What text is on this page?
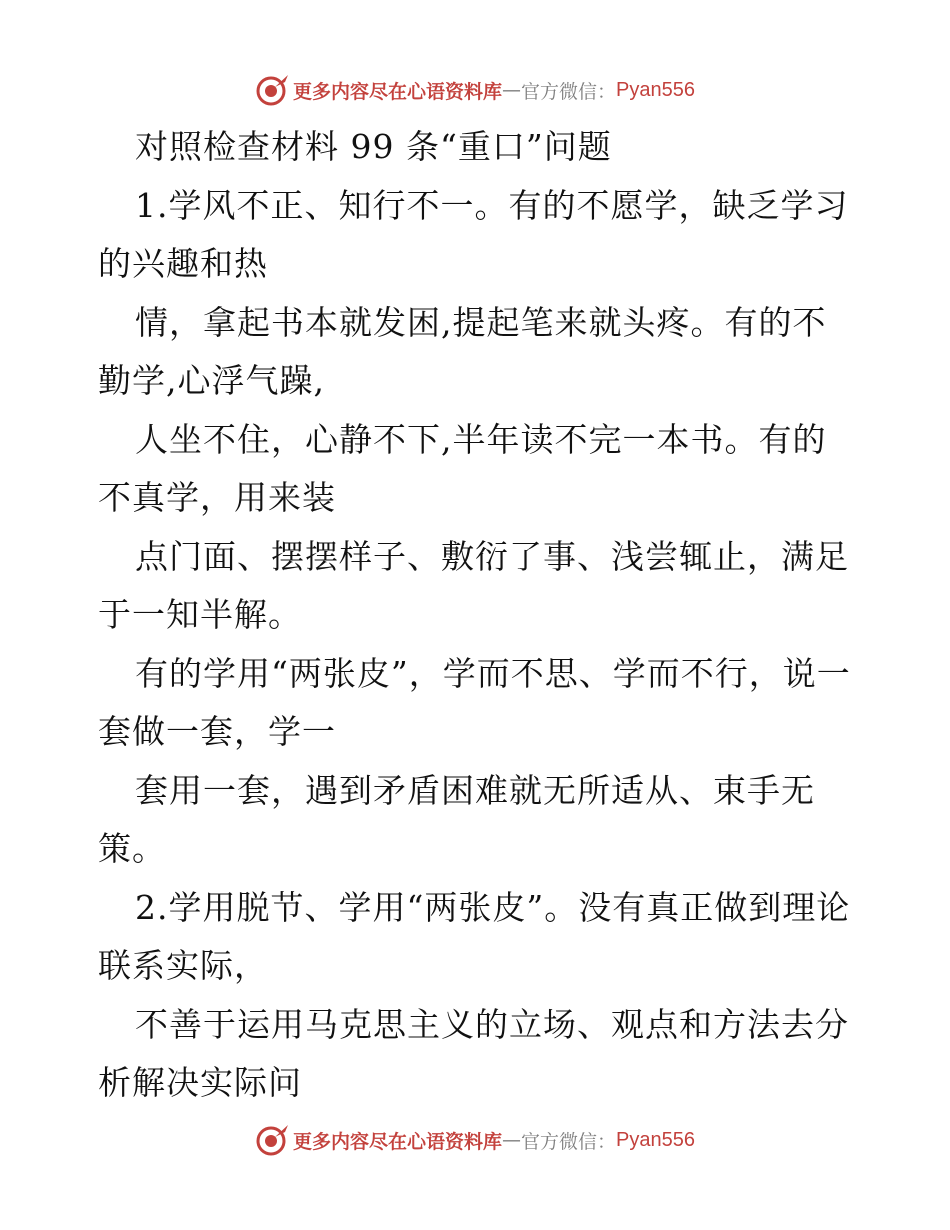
更多内容尽在心语资料库 — 官方微信： Pyan556

对照检查材料 99 条“重口”问题

1.学风不正、知行不一。有的不愿学，缺乏学习的兴趣和热

情，拿起书本就发困,提起笔来就头疼。有的不勤学,心浮气躁,

人坐不住，心静不下,半年读不完一本书。有的不真学，用来装

点门面、摆摆样子、敷衍了事、浅尝辄止，满足于一知半解。

有的学用“两张皮”，学而不思、学而不行，说一套做一套，学一

套用一套，遇到矛盾困难就无所适从、束手无策。

2.学用脱节、学用“两张皮”。没有真正做到理论联系实际，

不善于运用马克思主义的立场、观点和方法去分析解决实际问

更多内容尽在心语资料库 — 官方微信： Pyan556
